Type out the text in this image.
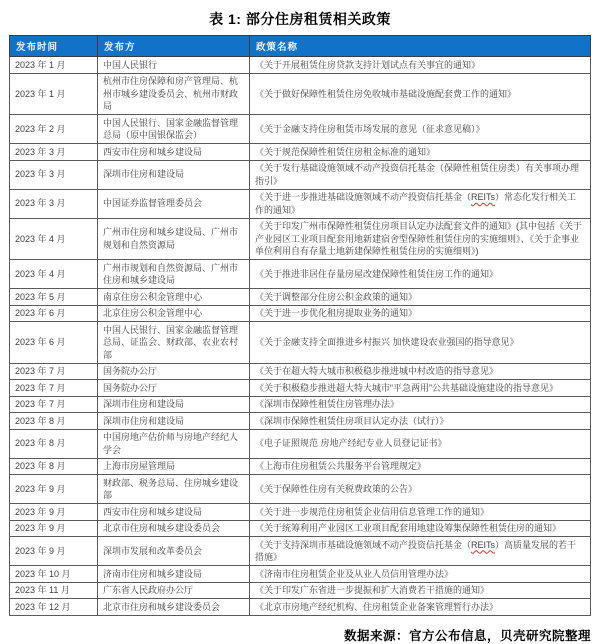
表 1: 部分住房租赁相关政策
发布时间	发布方	政策名称
2023 年 1 月	中国人民银行	《关于开展租赁住房贷款支持计划试点有关事宜的通知》
2023 年 1 月	杭州市住房保障和房产管理局、杭州市城乡建设委员会、杭州市财政局	《关于做好保障性租赁住房免收城市基础设施配套费工作的通知》
2023 年 2 月	中国人民银行、国家金融监督管理总局（原中国银保监会）	《关于金融支持住房租赁市场发展的意见（征求意见稿）》
2023 年 3 月	西安市住房和城乡建设局	《关于规范保障性租赁住房租金标准的通知》
2023 年 3 月	深圳市住房和建设局	《关于发行基础设施领域不动产投资信托基金（保障性租赁住房类）有关事项办理指引》
2023 年 3 月	中国证券监督管理委员会	《关于进一步推进基础设施领域不动产投资信托基金（REITs）常态化发行相关工作的通知》
2023 年 4 月	广州市住房和城乡建设局、广州市规划和自然资源局	《关于印发广州市保障性租赁住房项目认定办法配套文件的通知》(其中包括《关于产业园区工业项目配套用地新建宿舍型保障性租赁住房的实施细则》、《关于企事业单位利用自有存量土地新建保障性租赁住房的实施细则》)
2023 年 4 月	广州市规划和自然资源局、广州市住房和城乡建设局	《关于推进非居住存量房屋改建保障性租赁住房工作的通知》
2023 年 5 月	南京住房公积金管理中心	《关于调整部分住房公积金政策的通知》
2023 年 6 月	北京住房公积金管理中心	《关于进一步优化租房提取业务的通知》
2023 年 6 月	中国人民银行、国家金融监督管理总局、证监会、财政部、农业农村部	《关于金融支持全面推进乡村振兴 加快建设农业强国的指导意见》
2023 年 7 月	国务院办公厅	《关于在超大特大城市积极稳步推进城中村改造的指导意见》
2023 年 7 月	国务院办公厅	《关于积极稳步推进超大特大城市“平急两用”公共基础设施建设的指导意见》
2023 年 7 月	深圳市住房和建设局	《深圳市保障性租赁住房管理办法》
2023 年 8 月	深圳市住房和建设局	《深圳市保障性租赁住房项目认定办法（试行）》
2023 年 8 月	中国房地产估价师与房地产经纪人学会	《电子证照规范 房地产经纪专业人员登记证书》
2023 年 8 月	上海市房屋管理局	《上海市住房租赁公共服务平台管理规定》
2023 年 9 月	财政部、税务总局、住房城乡建设部	《关于保障性住房有关税费政策的公告》
2023 年 9 月	西安市住房和城乡建设局	《关于进一步规范住房租赁企业信用信息管理工作的通知》
2023 年 9 月	北京市住房和城乡建设委员会	《关于统筹利用产业园区工业项目配套用地建设筹集保障性租赁住房的通知》
2023 年 9 月	深圳市发展和改革委员会	《关于支持深圳市基础设施领域不动产投资信托基金（REITs）高质量发展的若干措施》
2023 年 10 月	济南市住房和城乡建设局	《济南市住房租赁企业及从业人员信用管理办法》
2023 年 11 月	广东省人民政府办公厅	《关于印发广东省进一步提振和扩大消费若干措施的通知》
2023 年 12 月	北京市住房和城乡建设委员会	《北京市房地产经纪机构、住房租赁企业备案管理暂行办法》
数据来源：官方公布信息，贝壳研究院整理
